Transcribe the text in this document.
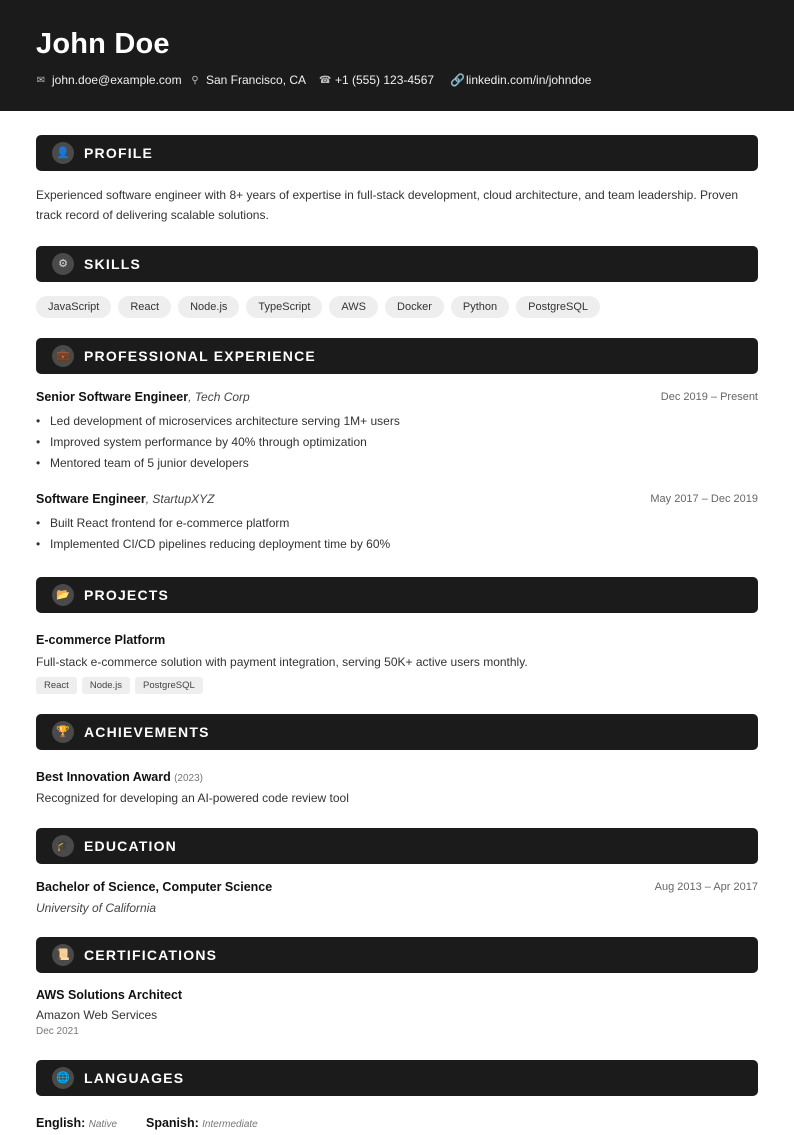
John Doe
✉ john.doe@example.com ⚲ San Francisco, CA ☎ +1 (555) 123-4567 🔗 linkedin.com/in/johndoe
👤 PROFILE
Experienced software engineer with 8+ years of expertise in full-stack development, cloud architecture, and team leadership. Proven
track record of delivering scalable solutions.
⚙	SKILLS
JavaScript	React	Node.js	TypeScript	AWS	Docker	Python	PostgreSQL
💼 PROFESSIONAL EXPERIENCE
Senior Software Engineer, Tech Corp	Dec 2019 – Present
• Led development of microservices architecture serving 1M+ users
• Improved system performance by 40% through optimization
• Mentored team of 5 junior developers
Software Engineer, StartupXYZ	May 2017 – Dec 2019
• Built React frontend for e-commerce platform
• Implemented CI/CD pipelines reducing deployment time by 60%
📂 PROJECTS
E-commerce Platform
Full-stack e-commerce solution with payment integration, serving 50K+ active users monthly.
React	Node.js	PostgreSQL
🏆 ACHIEVEMENTS
Best Innovation Award (2023)
Recognized for developing an AI-powered code review tool
🎓 EDUCATION
Bachelor of Science, Computer Science	Aug 2013 – Apr 2017
University of California
📜 CERTIFICATIONS
AWS Solutions Architect
Amazon Web Services
Dec 2021
🌐 LANGUAGES
English: Native Spanish: Intermediate
